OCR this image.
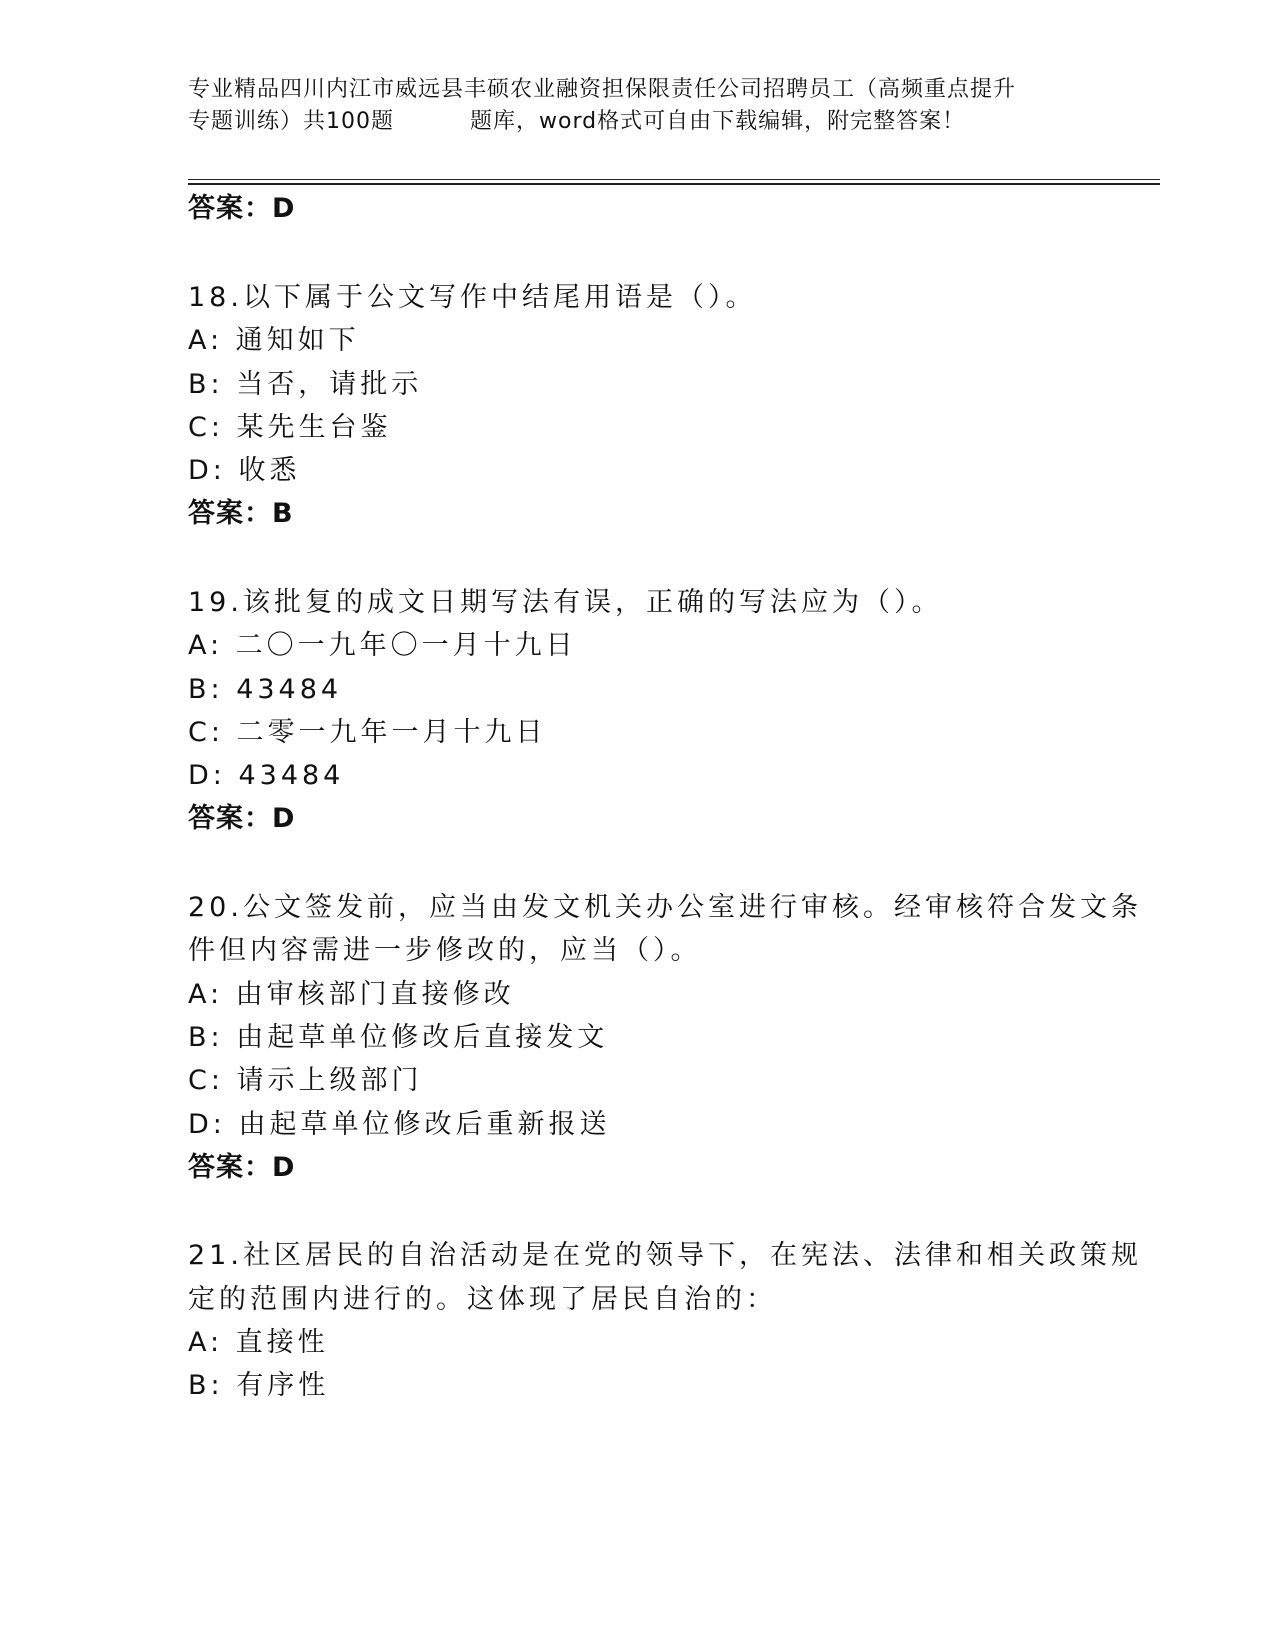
专业精品四川内江市威远县丰硕农业融资担保限责任公司招聘员工（高频重点提升
专题训练）共100题	题库，word格式可自由下载编辑，附完整答案！
答案：D
18.以下属于公文写作中结尾用语是（）。
A: 通知如下
B: 当否，请批示
C: 某先生台鉴
D: 收悉
答案：B
19.该批复的成文日期写法有误，正确的写法应为（）。
A: 二〇一九年〇一月十九日
B: 43484
C: 二零一九年一月十九日
D: 43484
答案：D
20.公文签发前，应当由发文机关办公室进行审核。经审核符合发文条
件但内容需进一步修改的，应当（）。
A: 由审核部门直接修改
B: 由起草单位修改后直接发文
C: 请示上级部门
D: 由起草单位修改后重新报送
答案：D
21.社区居民的自治活动是在党的领导下，在宪法、法律和相关政策规
定的范围内进行的。这体现了居民自治的：
A: 直接性
B: 有序性
